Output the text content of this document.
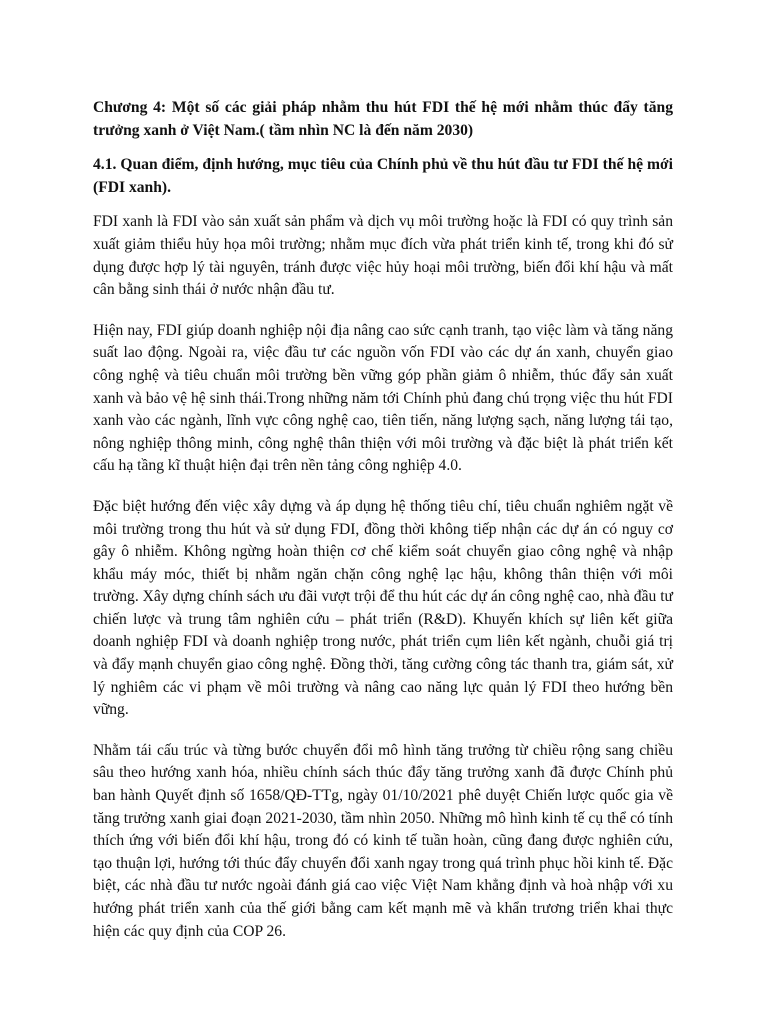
Chương 4: Một số các giải pháp nhằm thu hút FDI thế hệ mới nhằm thúc đẩy tăng trưởng xanh ở Việt Nam.( tầm nhìn NC là đến năm 2030)

4.1. Quan điểm, định hướng, mục tiêu của Chính phủ về thu hút đầu tư FDI thế hệ mới (FDI xanh).

FDI xanh là FDI vào sản xuất sản phẩm và dịch vụ môi trường hoặc là FDI có quy trình sản xuất giảm thiểu hủy họa môi trường; nhằm mục đích vừa phát triển kinh tế, trong khi đó sử dụng được hợp lý tài nguyên, tránh được việc hủy hoại môi trường, biến đổi khí hậu và mất cân bằng sinh thái ở nước nhận đầu tư.

Hiện nay, FDI giúp doanh nghiệp nội địa nâng cao sức cạnh tranh, tạo việc làm và tăng năng suất lao động. Ngoài ra, việc đầu tư các nguồn vốn FDI vào các dự án xanh, chuyển giao công nghệ và tiêu chuẩn môi trường bền vững góp phần giảm ô nhiễm, thúc đẩy sản xuất xanh và bảo vệ hệ sinh thái.Trong những năm tới Chính phủ đang chú trọng việc thu hút FDI xanh vào các ngành, lĩnh vực công nghệ cao, tiên tiến, năng lượng sạch, năng lượng tái tạo, nông nghiệp thông minh, công nghệ thân thiện với môi trường và đặc biệt là phát triển kết cấu hạ tầng kĩ thuật hiện đại trên nền tảng công nghiệp 4.0.

Đặc biệt hướng đến việc xây dựng và áp dụng hệ thống tiêu chí, tiêu chuẩn nghiêm ngặt về môi trường trong thu hút và sử dụng FDI, đồng thời không tiếp nhận các dự án có nguy cơ gây ô nhiễm. Không ngừng hoàn thiện cơ chế kiểm soát chuyển giao công nghệ và nhập khẩu máy móc, thiết bị nhằm ngăn chặn công nghệ lạc hậu, không thân thiện với môi trường. Xây dựng chính sách ưu đãi vượt trội để thu hút các dự án công nghệ cao, nhà đầu tư chiến lược và trung tâm nghiên cứu – phát triển (R&D). Khuyến khích sự liên kết giữa doanh nghiệp FDI và doanh nghiệp trong nước, phát triển cụm liên kết ngành, chuỗi giá trị và đẩy mạnh chuyển giao công nghệ. Đồng thời, tăng cường công tác thanh tra, giám sát, xử lý nghiêm các vi phạm về môi trường và nâng cao năng lực quản lý FDI theo hướng bền vững.

Nhằm tái cấu trúc và từng bước chuyển đổi mô hình tăng trưởng từ chiều rộng sang chiều sâu theo hướng xanh hóa, nhiều chính sách thúc đẩy tăng trưởng xanh đã được Chính phủ ban hành Quyết định số 1658/QĐ-TTg, ngày 01/10/2021 phê duyệt Chiến lược quốc gia về tăng trưởng xanh giai đoạn 2021-2030, tầm nhìn 2050. Những mô hình kinh tế cụ thể có tính thích ứng với biến đổi khí hậu, trong đó có kinh tế tuần hoàn, cũng đang được nghiên cứu, tạo thuận lợi, hướng tới thúc đẩy chuyển đổi xanh ngay trong quá trình phục hồi kinh tế. Đặc biệt, các nhà đầu tư nước ngoài đánh giá cao việc Việt Nam khẳng định và hoà nhập với xu hướng phát triển xanh của thế giới bằng cam kết mạnh mẽ và khẩn trương triển khai thực hiện các quy định của COP 26.
